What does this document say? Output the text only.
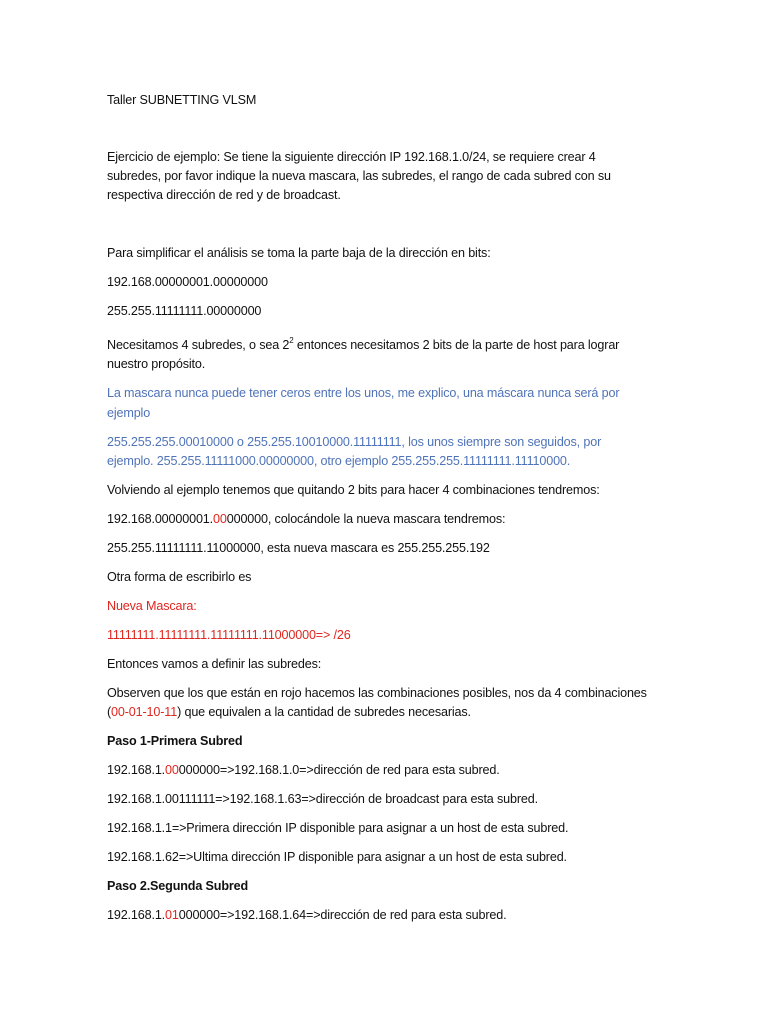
Taller SUBNETTING VLSM
Ejercicio de ejemplo: Se tiene la siguiente dirección IP 192.168.1.0/24, se requiere crear 4
subredes, por favor indique la nueva mascara, las subredes, el rango de cada subred con su
respectiva dirección de red y de broadcast.
Para simplificar el análisis se toma la parte baja de la dirección en bits:
192.168.00000001.00000000
255.255.11111111.00000000
Necesitamos 4 subredes, o sea $2^2$ entonces necesitamos 2 bits de la parte de host para lograr
nuestro propósito.
La mascara nunca puede tener ceros entre los unos, me explico, una máscara nunca será por
ejemplo
255.255.255.00010000 o 255.255.10010000.11111111, los unos siempre son seguidos, por
ejemplo. 255.255.11111000.00000000, otro ejemplo 255.255.255.11111111.11110000.
Volviendo al ejemplo tenemos que quitando 2 bits para hacer 4 combinaciones tendremos:
192.168.00000001.00000000, colocándole la nueva mascara tendremos:
255.255.11111111.11000000, esta nueva mascara es 255.255.255.192
Otra forma de escribirlo es
Nueva Mascara:
11111111.11111111.11111111.11000000=> /26
Entonces vamos a definir las subredes:
Observen que los que están en rojo hacemos las combinaciones posibles, nos da 4 combinaciones
(00-01-10-11) que equivalen a la cantidad de subredes necesarias.
Paso 1-Primera Subred
192.168.1.00000000=>192.168.1.0=>dirección de red para esta subred.
192.168.1.00111111=>192.168.1.63=>dirección de broadcast para esta subred.
192.168.1.1=>Primera dirección IP disponible para asignar a un host de esta subred.
192.168.1.62=>Ultima dirección IP disponible para asignar a un host de esta subred.
Paso 2.Segunda Subred
192.168.1.01000000=>192.168.1.64=>dirección de red para esta subred.
